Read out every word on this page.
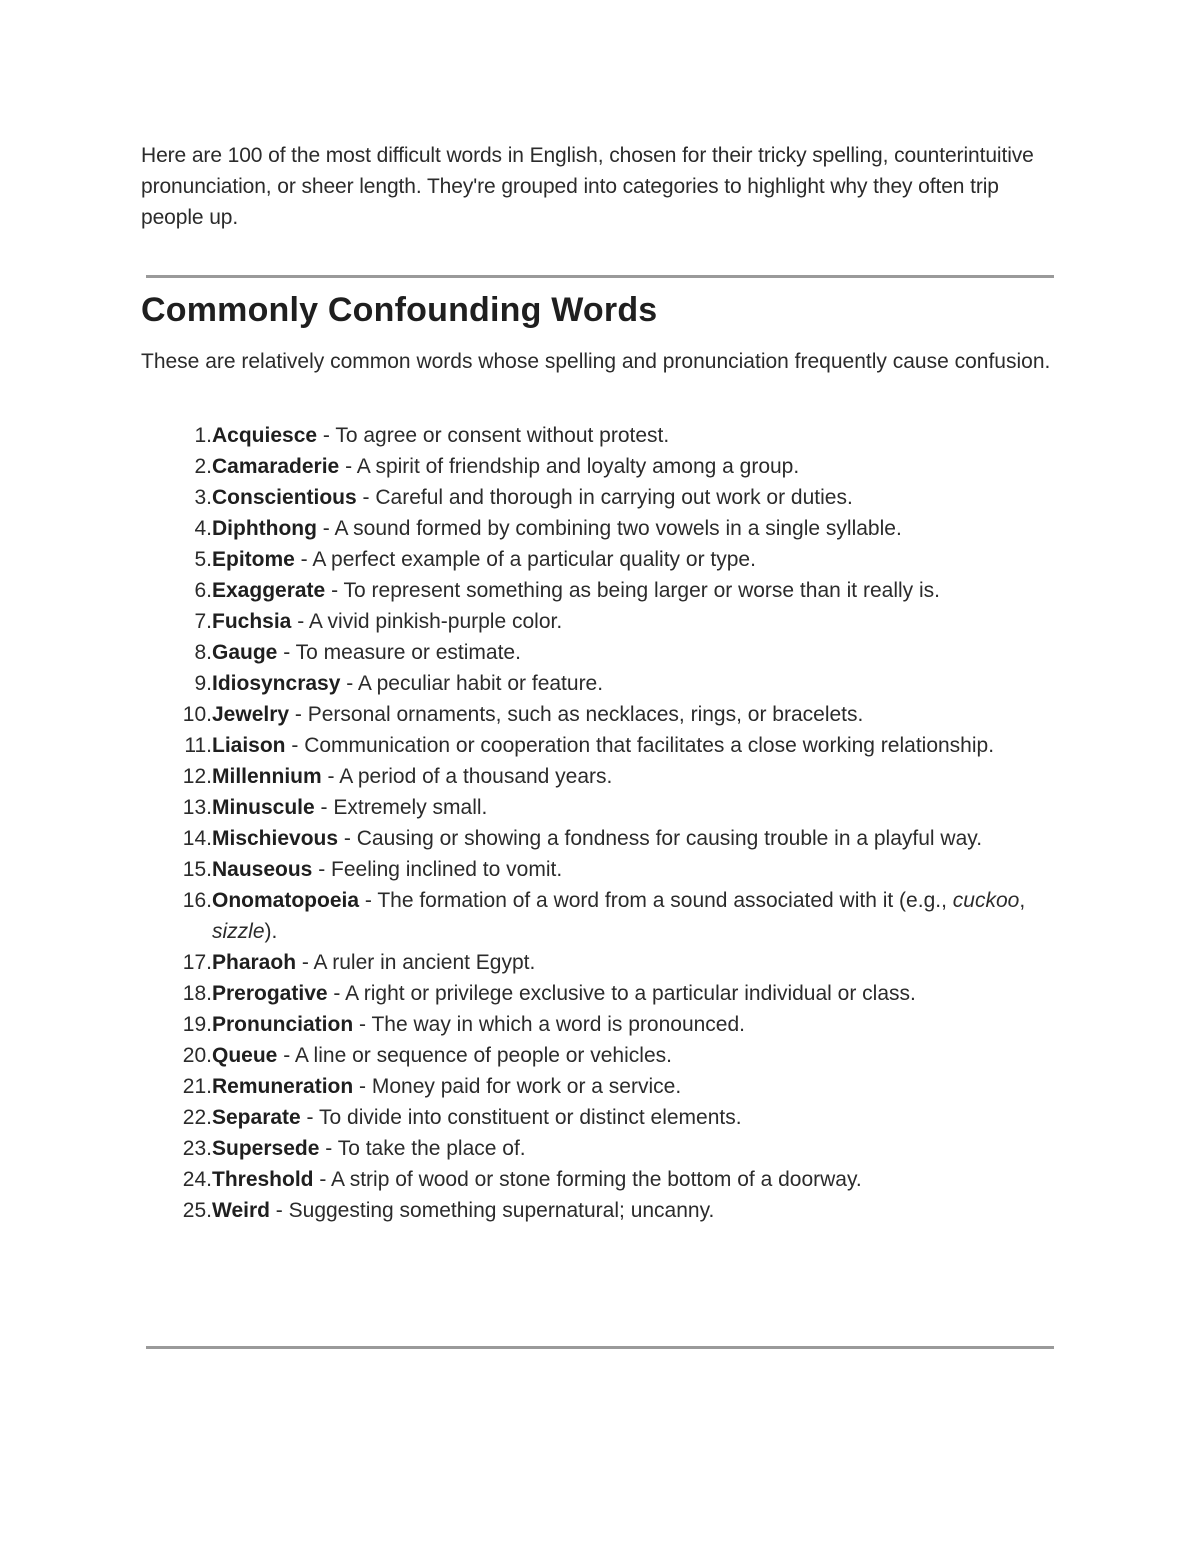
Here are 100 of the most difficult words in English, chosen for their tricky spelling, counterintuitive pronunciation, or sheer length. They're grouped into categories to highlight why they often trip people up.

Commonly Confounding Words

These are relatively common words whose spelling and pronunciation frequently cause confusion.

1. Acquiesce - To agree or consent without protest.
2. Camaraderie - A spirit of friendship and loyalty among a group.
3. Conscientious - Careful and thorough in carrying out work or duties.
4. Diphthong - A sound formed by combining two vowels in a single syllable.
5. Epitome - A perfect example of a particular quality or type.
6. Exaggerate - To represent something as being larger or worse than it really is.
7. Fuchsia - A vivid pinkish-purple color.
8. Gauge - To measure or estimate.
9. Idiosyncrasy - A peculiar habit or feature.
10. Jewelry - Personal ornaments, such as necklaces, rings, or bracelets.
11. Liaison - Communication or cooperation that facilitates a close working relationship.
12. Millennium - A period of a thousand years.
13. Minuscule - Extremely small.
14. Mischievous - Causing or showing a fondness for causing trouble in a playful way.
15. Nauseous - Feeling inclined to vomit.
16. Onomatopoeia - The formation of a word from a sound associated with it (e.g., cuckoo, sizzle).
17. Pharaoh - A ruler in ancient Egypt.
18. Prerogative - A right or privilege exclusive to a particular individual or class.
19. Pronunciation - The way in which a word is pronounced.
20. Queue - A line or sequence of people or vehicles.
21. Remuneration - Money paid for work or a service.
22. Separate - To divide into constituent or distinct elements.
23. Supersede - To take the place of.
24. Threshold - A strip of wood or stone forming the bottom of a doorway.
25. Weird - Suggesting something supernatural; uncanny.
